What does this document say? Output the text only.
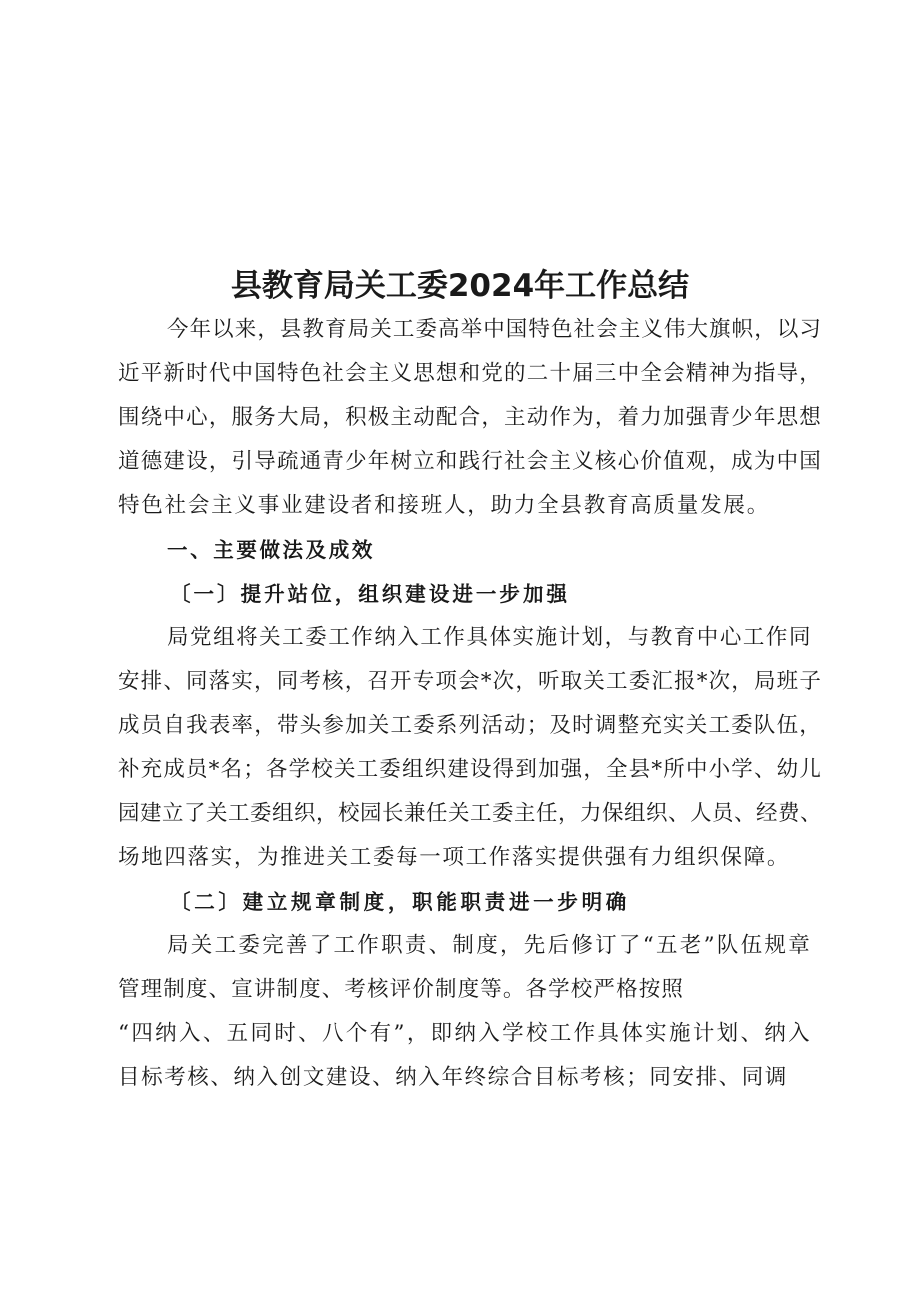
县教育局关工委2024年工作总结

今年以来，县教育局关工委高举中国特色社会主义伟大旗帜，以习

近平新时代中国特色社会主义思想和党的二十届三中全会精神为指导，

围绕中心，服务大局，积极主动配合，主动作为，着力加强青少年思想

道德建设，引导疏通青少年树立和践行社会主义核心价值观，成为中国

特色社会主义事业建设者和接班人，助力全县教育高质量发展。

一、主要做法及成效

〔一〕提升站位，组织建设进一步加强

局党组将关工委工作纳入工作具体实施计划，与教育中心工作同

安排、同落实，同考核，召开专项会*次，听取关工委汇报*次，局班子

成员自我表率，带头参加关工委系列活动；及时调整充实关工委队伍，

补充成员*名；各学校关工委组织建设得到加强，全县*所中小学、幼儿

园建立了关工委组织，校园长兼任关工委主任，力保组织、人员、经费、

场地四落实，为推进关工委每一项工作落实提供强有力组织保障。

〔二〕建立规章制度，职能职责进一步明确

局关工委完善了工作职责、制度，先后修订了“五老”队伍规章

管理制度、宣讲制度、考核评价制度等。各学校严格按照

“四纳入、五同时、八个有”，即纳入学校工作具体实施计划、纳入

目标考核、纳入创文建设、纳入年终综合目标考核；同安排、同调
